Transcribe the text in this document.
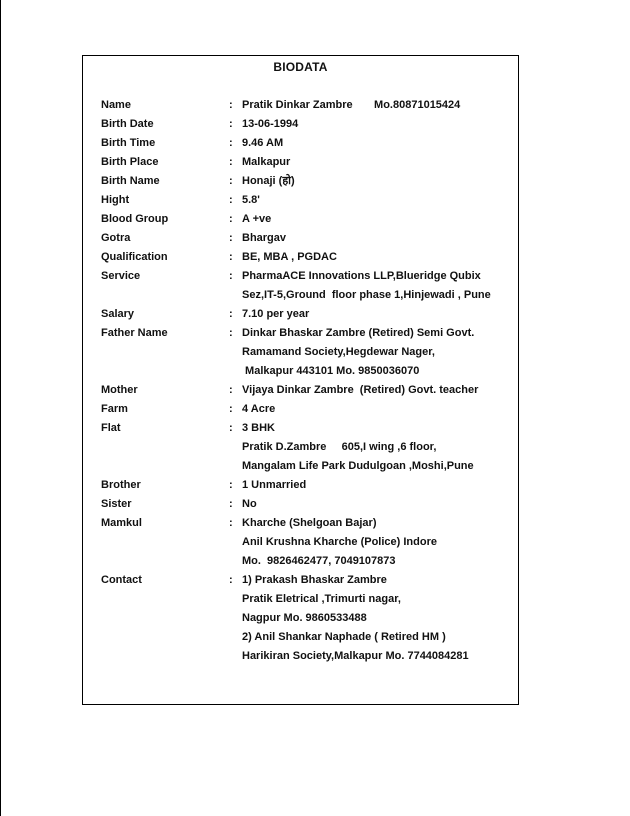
BIODATA
Name	: Pratik Dinkar Zambre       Mo.80871015424
Birth Date	: 13-06-1994
Birth Time	: 9.46 AM
Birth Place	: Malkapur
Birth Name	: Honaji (हो)
Hight	: 5.8'
Blood Group	: A +ve
Gotra	: Bhargav
Qualification	: BE, MBA , PGDAC
Service	: PharmaACE Innovations LLP,Blueridge Qubix
Sez,IT-5,Ground  floor phase 1,Hinjewadi , Pune
Salary	: 7.10 per year
Father Name	: Dinkar Bhaskar Zambre (Retired) Semi Govt.
Ramamand Society,Hegdewar Nager,
Malkapur 443101 Mo. 9850036070
Mother	: Vijaya Dinkar Zambre  (Retired) Govt. teacher
Farm	: 4 Acre
Flat	: 3 BHK
Pratik D.Zambre     605,I wing ,6 floor,
Mangalam Life Park Dudulgoan ,Moshi,Pune
Brother	: 1 Unmarried
Sister	: No
Mamkul	: Kharche (Shelgoan Bajar)
Anil Krushna Kharche (Police) Indore
Mo.  9826462477, 7049107873
Contact	: 1) Prakash Bhaskar Zambre
Pratik Eletrical ,Trimurti nagar,
Nagpur Mo. 9860533488
2) Anil Shankar Naphade ( Retired HM )
Harikiran Society,Malkapur Mo. 7744084281
